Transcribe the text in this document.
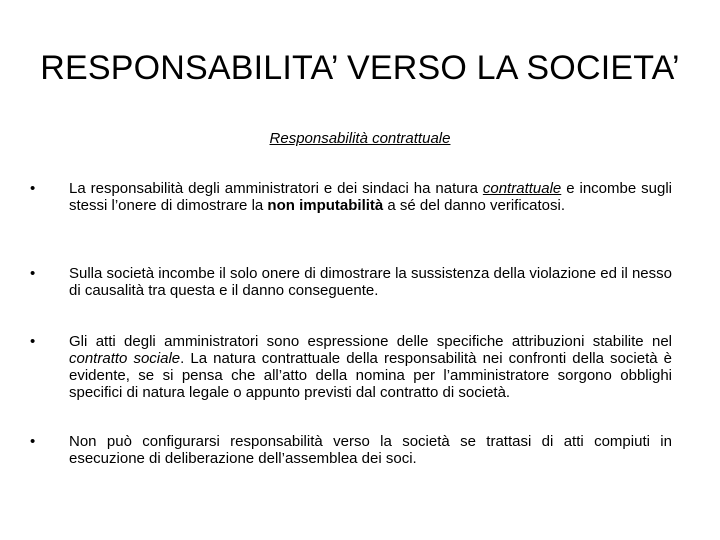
RESPONSABILITA’ VERSO LA SOCIETA’
Responsabilità contrattuale
•	La responsabilità degli amministratori e dei sindaci ha natura contrattuale e incombe sugli stessi l’onere di dimostrare la non imputabilità a sé del danno verificatosi.
•	Sulla società incombe il solo onere di dimostrare la sussistenza della violazione ed il nesso di causalità tra questa e il danno conseguente.
•	Gli atti degli amministratori sono espressione delle specifiche attribuzioni stabilite nel contratto sociale. La natura contrattuale della responsabilità nei confronti della società è evidente, se si pensa che all’atto della nomina per l’amministratore sorgono obblighi specifici di natura legale o appunto previsti dal contratto di società.
•	Non può configurarsi responsabilità verso la società se trattasi di atti compiuti in esecuzione di deliberazione dell’assemblea dei soci.
